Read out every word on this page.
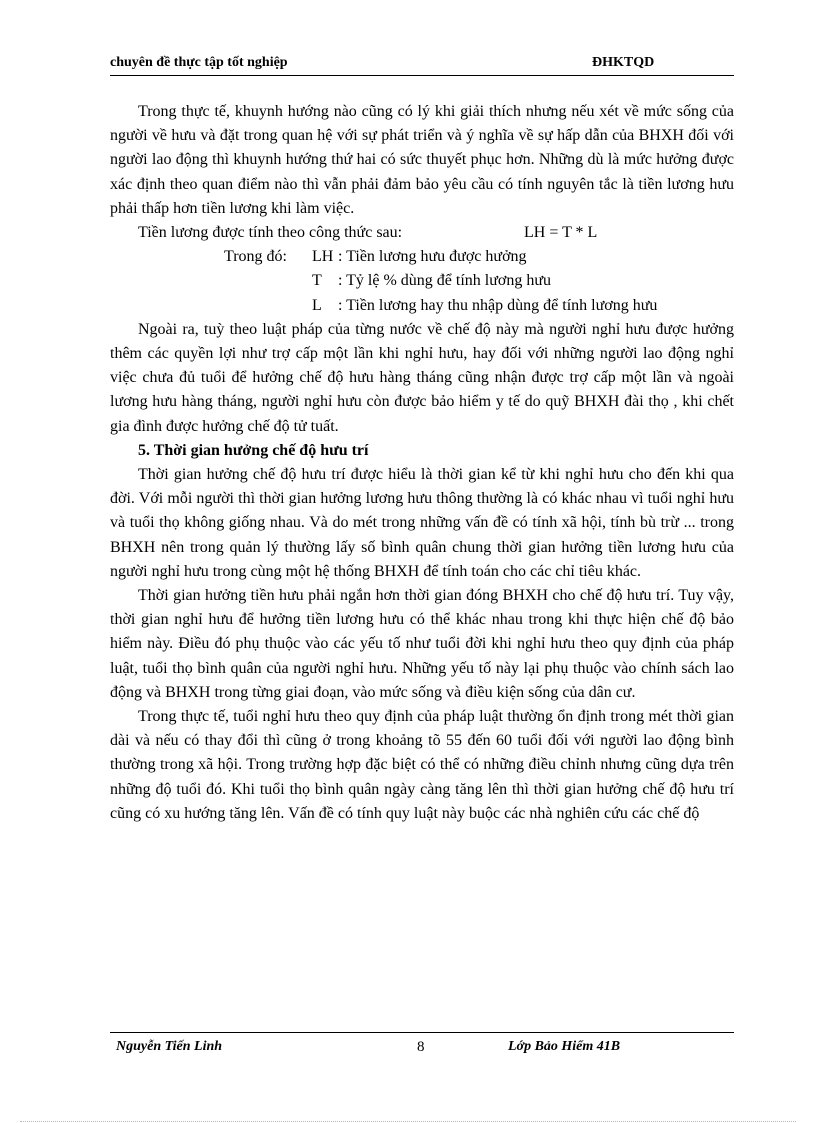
chuyên đề thực tập tốt nghiệp	ĐHKTQD

Trong thực tế, khuynh hướng nào cũng có lý khi giải thích nhưng nếu xét về mức sống của người về hưu và đặt trong quan hệ với sự phát triển và ý nghĩa về sự hấp dẫn của BHXH đối với người lao động thì khuynh hướng thứ hai có sức thuyết phục hơn. Những dù là mức hưởng được xác định theo quan điểm nào thì vẫn phải đảm bảo yêu cầu có tính nguyên tắc là tiền lương hưu phải thấp hơn tiền lương khi làm việc.

Tiền lương được tính theo công thức sau:	LH = T * L
Trong đó: LH : Tiền lương hưu được hưởng
T	: Tỷ lệ % dùng để tính lương hưu
L	: Tiền lương hay thu nhập dùng để tính lương hưu

Ngoài ra, tuỳ theo luật pháp của từng nước về chế độ này mà người nghỉ hưu được hưởng thêm các quyền lợi như trợ cấp một lần khi nghỉ hưu, hay đối với những người lao động nghỉ việc chưa đủ tuổi để hưởng chế độ hưu hàng tháng cũng nhận được trợ cấp một lần và ngoài lương hưu hàng tháng, người nghỉ hưu còn được bảo hiểm y tế do quỹ BHXH đài thọ , khi chết gia đình được hưởng chế độ tử tuất.

5. Thời gian hưởng chế độ hưu trí

Thời gian hưởng chế độ hưu trí được hiểu là thời gian kể từ khi nghỉ hưu cho đến khi qua đời. Với mỗi người thì thời gian hưởng lương hưu thông thường là có khác nhau vì tuổi nghỉ hưu và tuổi thọ không giống nhau. Và do mét trong những vấn đề có tính xã hội, tính bù trừ ... trong BHXH nên trong quản lý thường lấy số bình quân chung thời gian hưởng tiền lương hưu của người nghỉ hưu trong cùng một hệ thống BHXH để tính toán cho các chỉ tiêu khác.

Thời gian hưởng tiền hưu phải ngắn hơn thời gian đóng BHXH cho chế độ hưu trí. Tuy vậy, thời gian nghỉ hưu để hưởng tiền lương hưu có thể khác nhau trong khi thực hiện chế độ bảo hiểm này. Điều đó phụ thuộc vào các yếu tố như tuổi đời khi nghỉ hưu theo quy định của pháp luật, tuổi thọ bình quân của người nghỉ hưu. Những yếu tố này lại phụ thuộc vào chính sách lao động và BHXH trong từng giai đoạn, vào mức sống và điều kiện sống của dân cư.

Trong thực tế, tuổi nghỉ hưu theo quy định của pháp luật thường ổn định trong mét thời gian dài và nếu có thay đổi thì cũng ở trong khoảng tõ 55 đến 60 tuổi đối với người lao động bình thường trong xã hội. Trong trường hợp đặc biệt có thể có những điều chỉnh nhưng cũng dựa trên những độ tuổi đó. Khi tuổi thọ bình quân ngày càng tăng lên thì thời gian hưởng chế độ hưu trí cũng có xu hướng tăng lên. Vấn đề có tính quy luật này buộc các nhà nghiên cứu các chế độ

Nguyễn Tiến Linh	8	Lớp Bảo Hiểm 41B
